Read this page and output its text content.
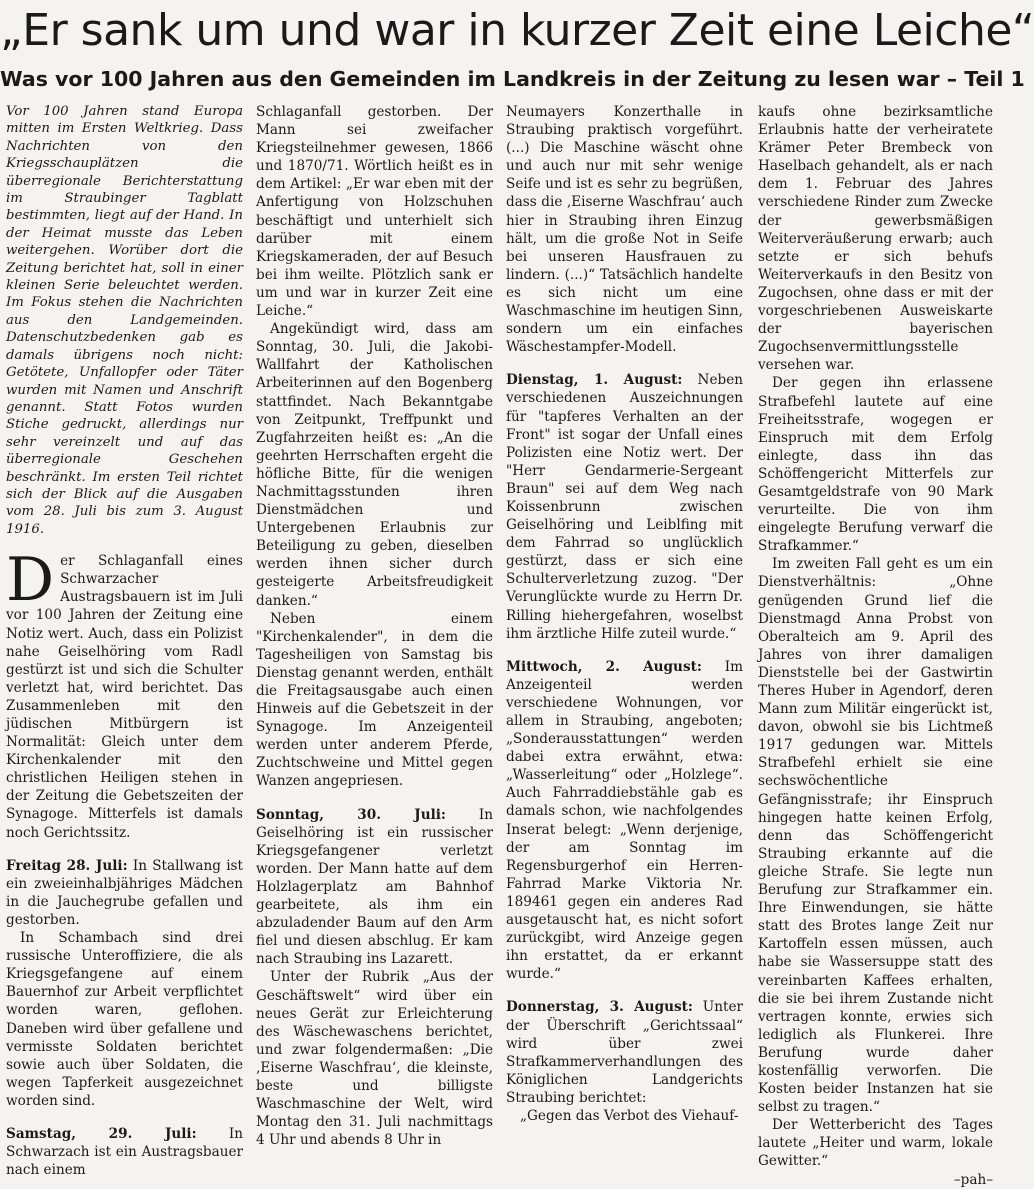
„Er sank um und war in kurzer Zeit eine Leiche“
Was vor 100 Jahren aus den Gemeinden im Landkreis in der Zeitung zu lesen war – Teil 1

Vor 100 Jahren stand Europa mitten im Ersten Weltkrieg. Dass Nachrichten von den Kriegsschauplätzen die überregionale Berichterstattung im Straubinger Tagblatt bestimmten, liegt auf der Hand. In der Heimat musste das Leben weitergehen. Worüber dort die Zeitung berichtet hat, soll in einer kleinen Serie beleuchtet werden. Im Fokus stehen die Nachrichten aus den Landgemeinden. Datenschutzbedenken gab es damals übrigens noch nicht: Getötete, Unfallopfer oder Täter wurden mit Namen und Anschrift genannt. Statt Fotos wurden Stiche gedruckt, allerdings nur sehr vereinzelt und auf das überregionale Geschehen beschränkt. Im ersten Teil richtet sich der Blick auf die Ausgaben vom 28. Juli bis zum 3. August 1916.

Der Schlaganfall eines Schwarzacher Austragsbauern ist im Juli vor 100 Jahren der Zeitung eine Notiz wert. Auch, dass ein Polizist nahe Geiselhöring vom Radl gestürzt ist und sich die Schulter verletzt hat, wird berichtet. Das Zusammenleben mit den jüdischen Mitbürgern ist Normalität: Gleich unter dem Kirchenkalender mit den christlichen Heiligen stehen in der Zeitung die Gebetszeiten der Synagoge. Mitterfels ist damals noch Gerichtssitz.

Freitag 28. Juli: In Stallwang ist ein zweieinhalbjähriges Mädchen in die Jauchegrube gefallen und gestorben.

In Schambach sind drei russische Unteroffiziere, die als Kriegsgefangene auf einem Bauernhof zur Arbeit verpflichtet worden waren, geflohen. Daneben wird über gefallene und vermisste Soldaten berichtet sowie auch über Soldaten, die wegen Tapferkeit ausgezeichnet worden sind.

Samstag, 29. Juli: In Schwarzach ist ein Austragsbauer nach einem

Schlaganfall gestorben. Der Mann sei zweifacher Kriegsteilnehmer gewesen, 1866 und 1870/71. Wörtlich heißt es in dem Artikel: „Er war eben mit der Anfertigung von Holzschuhen beschäftigt und unterhielt sich darüber mit einem Kriegskameraden, der auf Besuch bei ihm weilte. Plötzlich sank er um und war in kurzer Zeit eine Leiche.“

Angekündigt wird, dass am Sonntag, 30. Juli, die Jakobi-Wallfahrt der Katholischen Arbeiterinnen auf den Bogenberg stattfindet. Nach Bekanntgabe von Zeitpunkt, Treffpunkt und Zugfahrzeiten heißt es: „An die geehrten Herrschaften ergeht die höfliche Bitte, für die wenigen Nachmittagsstunden ihren Dienstmädchen und Untergebenen Erlaubnis zur Beteiligung zu geben, dieselben werden ihnen sicher durch gesteigerte Arbeitsfreudigkeit danken.“

Neben einem "Kirchenkalender", in dem die Tagesheiligen von Samstag bis Dienstag genannt werden, enthält die Freitagsausgabe auch einen Hinweis auf die Gebetszeit in der Synagoge. Im Anzeigenteil werden unter anderem Pferde, Zuchtschweine und Mittel gegen Wanzen angepriesen.

Sonntag, 30. Juli: In Geiselhöring ist ein russischer Kriegsgefangener verletzt worden. Der Mann hatte auf dem Holzlagerplatz am Bahnhof gearbeitete, als ihm ein abzuladender Baum auf den Arm fiel und diesen abschlug. Er kam nach Straubing ins Lazarett.

Unter der Rubrik „Aus der Geschäftswelt“ wird über ein neues Gerät zur Erleichterung des Wäschewaschens berichtet, und zwar folgendermaßen: „Die ‚Eiserne Waschfrau‘, die kleinste, beste und billigste Waschmaschine der Welt, wird Montag den 31. Juli nachmittags 4 Uhr und abends 8 Uhr in

Neumayers Konzerthalle in Straubing praktisch vorgeführt. (...) Die Maschine wäscht ohne und auch nur mit sehr wenige Seife und ist es sehr zu begrüßen, dass die ‚Eiserne Waschfrau‘ auch hier in Straubing ihren Einzug hält, um die große Not in Seife bei unseren Hausfrauen zu lindern. (...)“ Tatsächlich handelte es sich nicht um eine Waschmaschine im heutigen Sinn, sondern um ein einfaches Wäschestampfer-Modell.

Dienstag, 1. August: Neben verschiedenen Auszeichnungen für "tapferes Verhalten an der Front" ist sogar der Unfall eines Polizisten eine Notiz wert. Der "Herr Gendarmerie-Sergeant Braun" sei auf dem Weg nach Koissenbrunn zwischen Geiselhöring und Leiblfing mit dem Fahrrad so unglücklich gestürzt, dass er sich eine Schulterverletzung zuzog. "Der Verunglückte wurde zu Herrn Dr. Rilling hiehergefahren, woselbst ihm ärztliche Hilfe zuteil wurde.“

Mittwoch, 2. August: Im Anzeigenteil werden verschiedene Wohnungen, vor allem in Straubing, angeboten; „Sonderausstattungen“ werden dabei extra erwähnt, etwa: „Wasserleitung“ oder „Holzlege“. Auch Fahrraddiebstähle gab es damals schon, wie nachfolgendes Inserat belegt: „Wenn derjenige, der am Sonntag im Regensburgerhof ein Herren-Fahrrad Marke Viktoria Nr. 189461 gegen ein anderes Rad ausgetauscht hat, es nicht sofort zurückgibt, wird Anzeige gegen ihn erstattet, da er erkannt wurde.“

Donnerstag, 3. August: Unter der Überschrift „Gerichtssaal“ wird über zwei Strafkammerverhandlungen des Königlichen Landgerichts Straubing berichtet:

„Gegen das Verbot des Viehauf-

kaufs ohne bezirksamtliche Erlaubnis hatte der verheiratete Krämer Peter Brembeck von Haselbach gehandelt, als er nach dem 1. Februar des Jahres verschiedene Rinder zum Zwecke der gewerbsmäßigen Weiterveräußerung erwarb; auch setzte er sich behufs Weiterverkaufs in den Besitz von Zugochsen, ohne dass er mit der vorgeschriebenen Ausweiskarte der bayerischen Zugochsenvermittlungsstelle versehen war.

Der gegen ihn erlassene Strafbefehl lautete auf eine Freiheitsstrafe, wogegen er Einspruch mit dem Erfolg einlegte, dass ihn das Schöffengericht Mitterfels zur Gesamtgeldstrafe von 90 Mark verurteilte. Die von ihm eingelegte Berufung verwarf die Strafkammer.“

Im zweiten Fall geht es um ein Dienstverhältnis: „Ohne genügenden Grund lief die Dienstmagd Anna Probst von Oberalteich am 9. April des Jahres von ihrer damaligen Dienststelle bei der Gastwirtin Theres Huber in Agendorf, deren Mann zum Militär eingerückt ist, davon, obwohl sie bis Lichtmeß 1917 gedungen war. Mittels Strafbefehl erhielt sie eine sechswöchentliche Gefängnisstrafe; ihr Einspruch hingegen hatte keinen Erfolg, denn das Schöffengericht Straubing erkannte auf die gleiche Strafe. Sie legte nun Berufung zur Strafkammer ein. Ihre Einwendungen, sie hätte statt des Brotes lange Zeit nur Kartoffeln essen müssen, auch habe sie Wassersuppe statt des vereinbarten Kaffees erhalten, die sie bei ihrem Zustande nicht vertragen konnte, erwies sich lediglich als Flunkerei. Ihre Berufung wurde daher kostenfällig verworfen. Die Kosten beider Instanzen hat sie selbst zu tragen.“

Der Wetterbericht des Tages lautete „Heiter und warm, lokale Gewitter.“

–pah–
